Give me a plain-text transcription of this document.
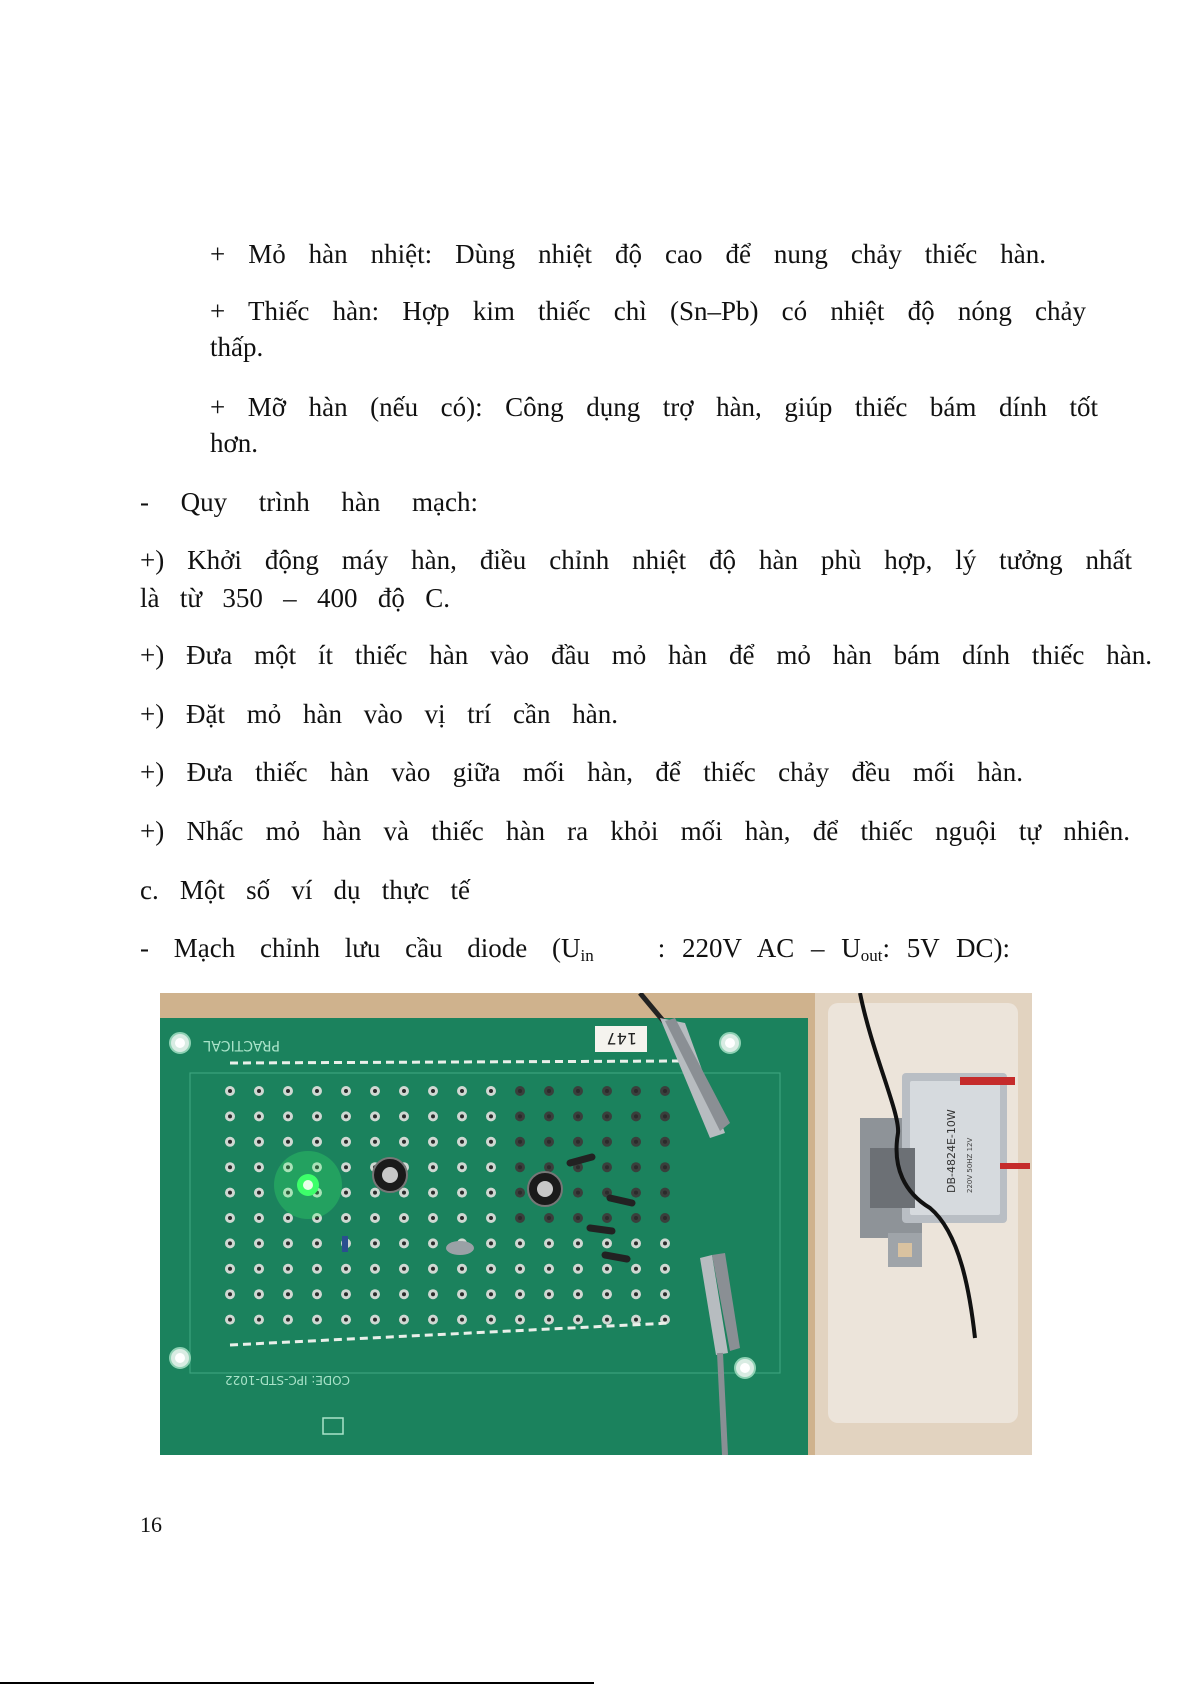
+ Mỏ hàn nhiệt: Dùng nhiệt độ cao để nung chảy thiếc hàn.
+ Thiếc hàn: Hợp kim thiếc chì (Sn–Pb) có nhiệt độ nóng chảy
thấp.
+ Mỡ hàn (nếu có): Công dụng trợ hàn, giúp thiếc bám dính tốt
hơn.
- Quy trình hàn mạch:
+) Khởi động máy hàn, điều chỉnh nhiệt độ hàn phù hợp, lý tưởng nhất
là từ 350 – 400 độ C.
+) Đưa một ít thiếc hàn vào đầu mỏ hàn để mỏ hàn bám dính thiếc hàn.
+) Đặt mỏ hàn vào vị trí cần hàn.
+) Đưa thiếc hàn vào giữa mối hàn, để thiếc chảy đều mối hàn.
+) Nhấc mỏ hàn và thiếc hàn ra khỏi mối hàn, để thiếc nguội tự nhiên.
c. Một số ví dụ thực tế
- Mạch chỉnh lưu cầu diode ($U_{in}$ : 220V AC – $U_{out}$: 5V DC):
DB-4824E-10W 220V 50HZ 12V
PRACTICAL
CODE: IPC-STD-1022
147
16
